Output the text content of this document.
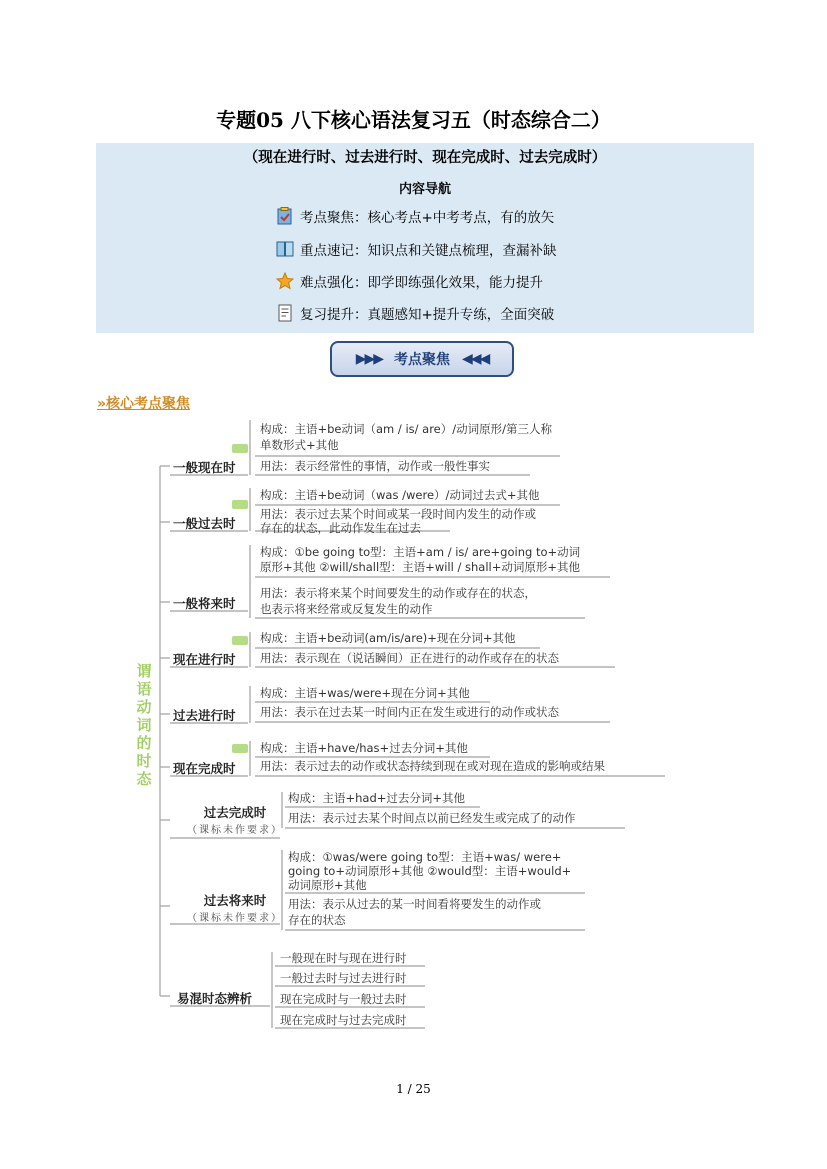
专题05 八下核心语法复习五（时态综合二）
（现在进行时、过去进行时、现在完成时、过去完成时）
内容导航
考点聚焦：核心考点+中考考点，有的放矢
重点速记：知识点和关键点梳理，查漏补缺
难点强化：即学即练强化效果，能力提升
复习提升：真题感知+提升专练，全面突破
▶▶▶ 考点聚焦 ◀◀◀
»核心考点聚焦
谓
语
动
词
的
时
态
一般现在时
一般过去时
一般将来时
现在进行时
过去进行时
现在完成时
过去完成时
（课标未作要求）
过去将来时
（课标未作要求）
易混时态辨析
构成：主语+be动词（am / is/ are）/动词原形/第三人称
单数形式+其他
用法：表示经常性的事情，动作或一般性事实
构成：主语+be动词（was /were）/动词过去式+其他
用法：表示过去某个时间或某一段时间内发生的动作或
存在的状态，此动作发生在过去
构成：①be going to型：主语+am / is/ are+going to+动词
原形+其他 ②will/shall型：主语+will / shall+动词原形+其他
用法：表示将来某个时间要发生的动作或存在的状态，
也表示将来经常或反复发生的动作
构成：主语+be动词(am/is/are)+现在分词+其他
用法：表示现在（说话瞬间）正在进行的动作或存在的状态
构成：主语+was/were+现在分词+其他
用法：表示在过去某一时间内正在发生或进行的动作或状态
构成：主语+have/has+过去分词+其他
用法：表示过去的动作或状态持续到现在或对现在造成的影响或结果
构成：主语+had+过去分词+其他
用法：表示过去某个时间点以前已经发生或完成了的动作
构成：①was/were going to型：主语+was/ were+
going to+动词原形+其他 ②would型：主语+would+
动词原形+其他
用法：表示从过去的某一时间看将要发生的动作或
存在的状态
一般现在时与现在进行时
一般过去时与过去进行时
现在完成时与一般过去时
现在完成时与过去完成时
1 / 25
